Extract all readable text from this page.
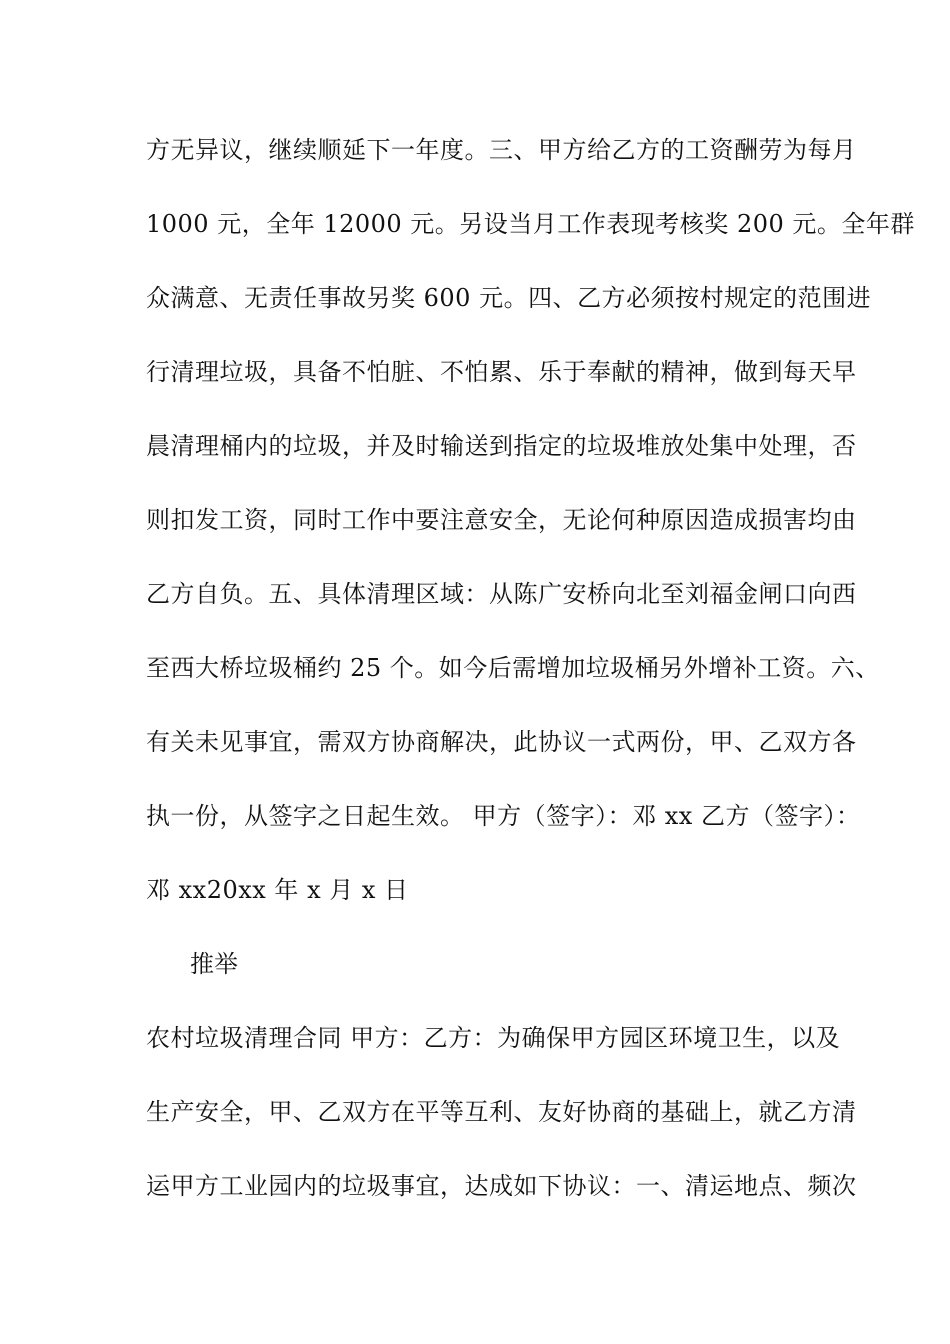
方无异议，继续顺延下一年度。三、甲方给乙方的工资酬劳为每月
1000 元，全年 12000 元。另设当月工作表现考核奖 200 元。全年群
众满意、无责任事故另奖 600 元。四、乙方必须按村规定的范围进
行清理垃圾，具备不怕脏、不怕累、乐于奉献的精神，做到每天早
晨清理桶内的垃圾，并及时输送到指定的垃圾堆放处集中处理，否
则扣发工资，同时工作中要注意安全，无论何种原因造成损害均由
乙方自负。五、具体清理区域：从陈广安桥向北至刘福金闸口向西
至西大桥垃圾桶约 25 个。如今后需增加垃圾桶另外增补工资。六、
有关未见事宜，需双方协商解决，此协议一式两份，甲、乙双方各
执一份，从签字之日起生效。 甲方（签字）：邓 xx 乙方（签字）：
邓 xx20xx 年 x 月 x 日
推举
农村垃圾清理合同 甲方：乙方：为确保甲方园区环境卫生，以及
生产安全，甲、乙双方在平等互利、友好协商的基础上，就乙方清
运甲方工业园内的垃圾事宜，达成如下协议：一、清运地点、频次
